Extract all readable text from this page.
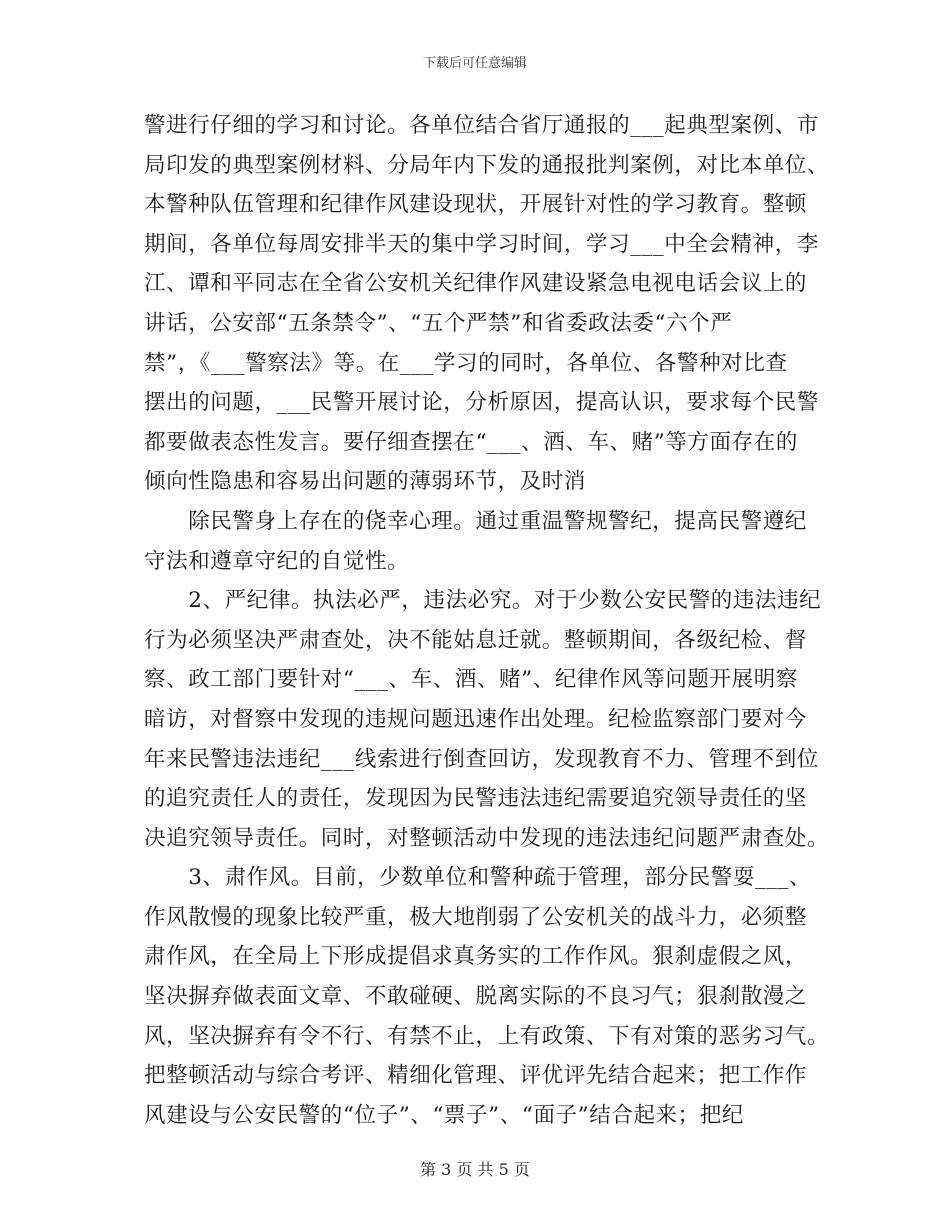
下载后可任意编辑
警进行仔细的学习和讨论。各单位结合省厅通报的___起典型案例、市
局印发的典型案例材料、分局年内下发的通报批判案例，对比本单位、
本警种队伍管理和纪律作风建设现状，开展针对性的学习教育。整顿
期间，各单位每周安排半天的集中学习时间，学习___中全会精神，李
江、谭和平同志在全省公安机关纪律作风建设紧急电视电话会议上的
讲话，公安部“五条禁令”、“五个严禁”和省委政法委“六个严
禁”，《___警察法》等。在___学习的同时，各单位、各警种对比查
摆出的问题，___民警开展讨论，分析原因，提高认识，要求每个民警
都要做表态性发言。要仔细查摆在“___、酒、车、赌”等方面存在的
倾向性隐患和容易出问题的薄弱环节，及时消
　　除民警身上存在的侥幸心理。通过重温警规警纪，提高民警遵纪
守法和遵章守纪的自觉性。
　　2、严纪律。执法必严，违法必究。对于少数公安民警的违法违纪
行为必须坚决严肃查处，决不能姑息迁就。整顿期间，各级纪检、督
察、政工部门要针对“___、车、酒、赌”、纪律作风等问题开展明察
暗访，对督察中发现的违规问题迅速作出处理。纪检监察部门要对今
年来民警违法违纪___线索进行倒查回访，发现教育不力、管理不到位
的追究责任人的责任，发现因为民警违法违纪需要追究领导责任的坚
决追究领导责任。同时，对整顿活动中发现的违法违纪问题严肃查处。
　　3、肃作风。目前，少数单位和警种疏于管理，部分民警耍___、
作风散慢的现象比较严重，极大地削弱了公安机关的战斗力，必须整
肃作风，在全局上下形成提倡求真务实的工作作风。狠刹虚假之风，
坚决摒弃做表面文章、不敢碰硬、脱离实际的不良习气；狠刹散漫之
风，坚决摒弃有令不行、有禁不止，上有政策、下有对策的恶劣习气。
把整顿活动与综合考评、精细化管理、评优评先结合起来；把工作作
风建设与公安民警的“位子”、“票子”、“面子”结合起来；把纪
第 3 页 共 5 页
